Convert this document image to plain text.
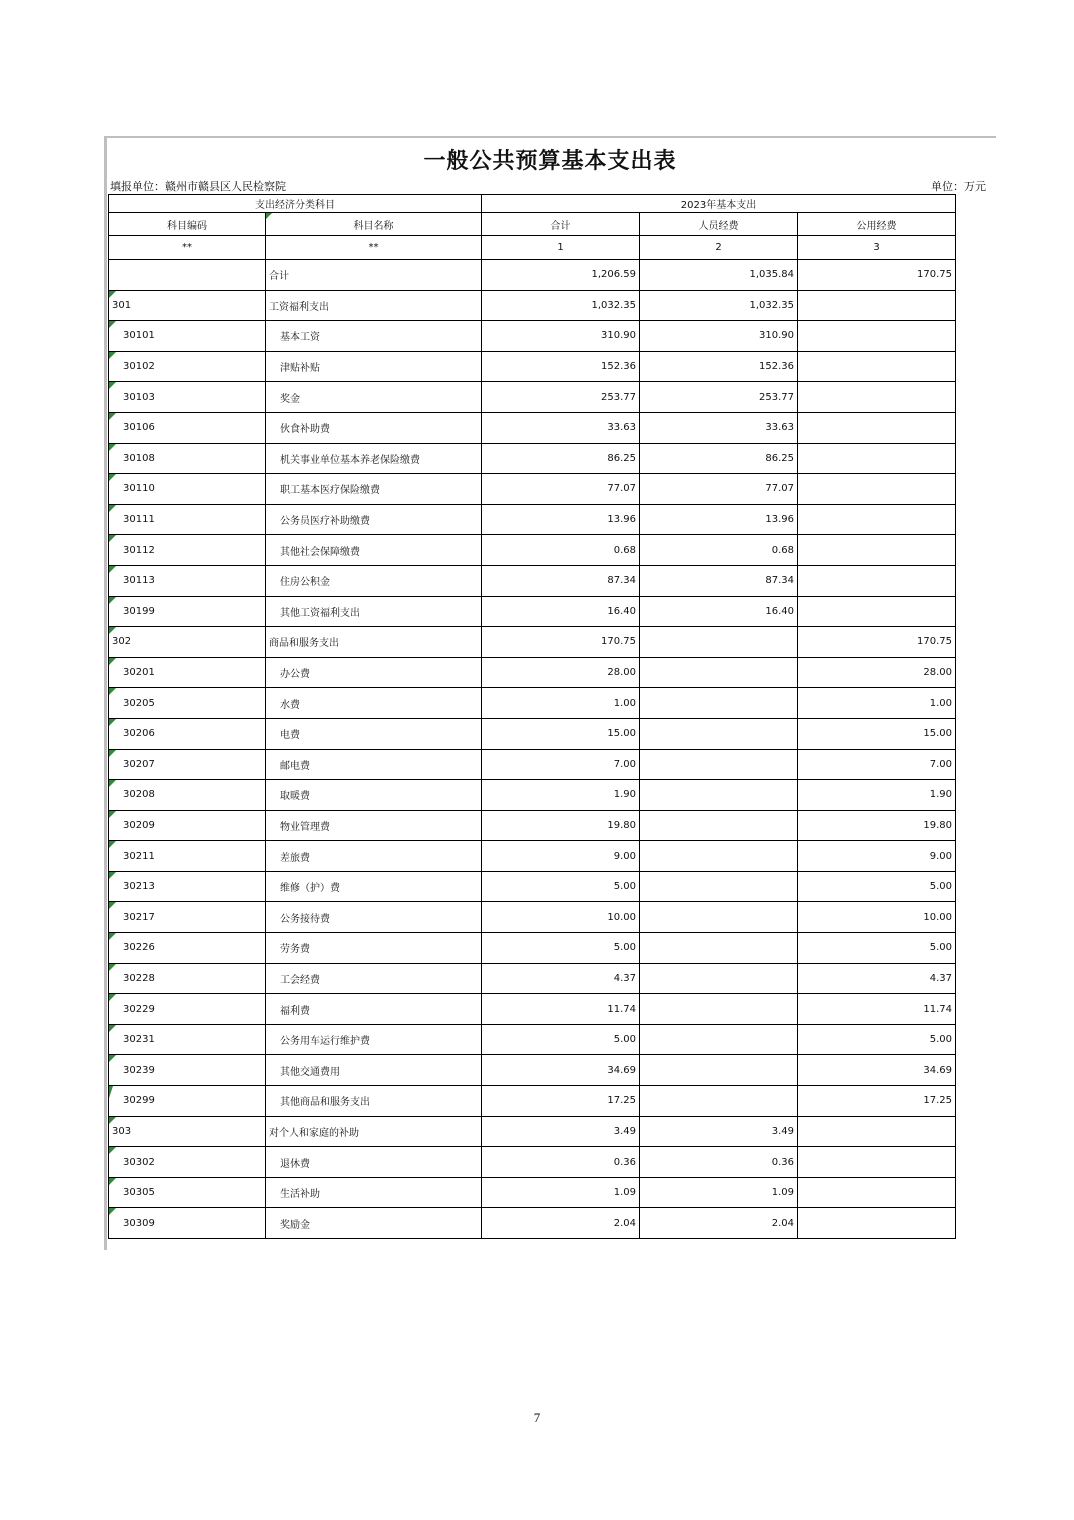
一般公共预算基本支出表
填报单位：赣州市赣县区人民检察院	单位：万元
支出经济分类科目		2023年基本支出		
科目编码	科目名称	合计	人员经费	公用经费
**	**	1	2	3
	合计	1,206.59	1,035.84	170.75

301	工资福利支出	1,032.35	1,032.35	

30101	基本工资	310.90	310.90	

30102	津贴补贴	152.36	152.36	

30103	奖金	253.77	253.77	

30106	伙食补助费	33.63	33.63	

30108	机关事业单位基本养老保险缴费	86.25	86.25	

30110	职工基本医疗保险缴费	77.07	77.07	

30111	公务员医疗补助缴费	13.96	13.96	

30112	其他社会保障缴费	0.68	0.68	

30113	住房公积金	87.34	87.34	

30199	其他工资福利支出	16.40	16.40	

302	商品和服务支出	170.75		170.75

30201	办公费	28.00		28.00

30205	水费	1.00		1.00

30206	电费	15.00		15.00

30207	邮电费	7.00		7.00

30208	取暖费	1.90		1.90

30209	物业管理费	19.80		19.80

30211	差旅费	9.00		9.00

30213	维修（护）费	5.00		5.00

30217	公务接待费	10.00		10.00

30226	劳务费	5.00		5.00

30228	工会经费	4.37		4.37

30229	福利费	11.74		11.74

30231	公务用车运行维护费	5.00		5.00

30239	其他交通费用	34.69		34.69

30299	其他商品和服务支出	17.25		17.25

303	对个人和家庭的补助	3.49	3.49	

30302	退休费	0.36	0.36	

30305	生活补助	1.09	1.09	

30309	奖励金	2.04	2.04	
7
